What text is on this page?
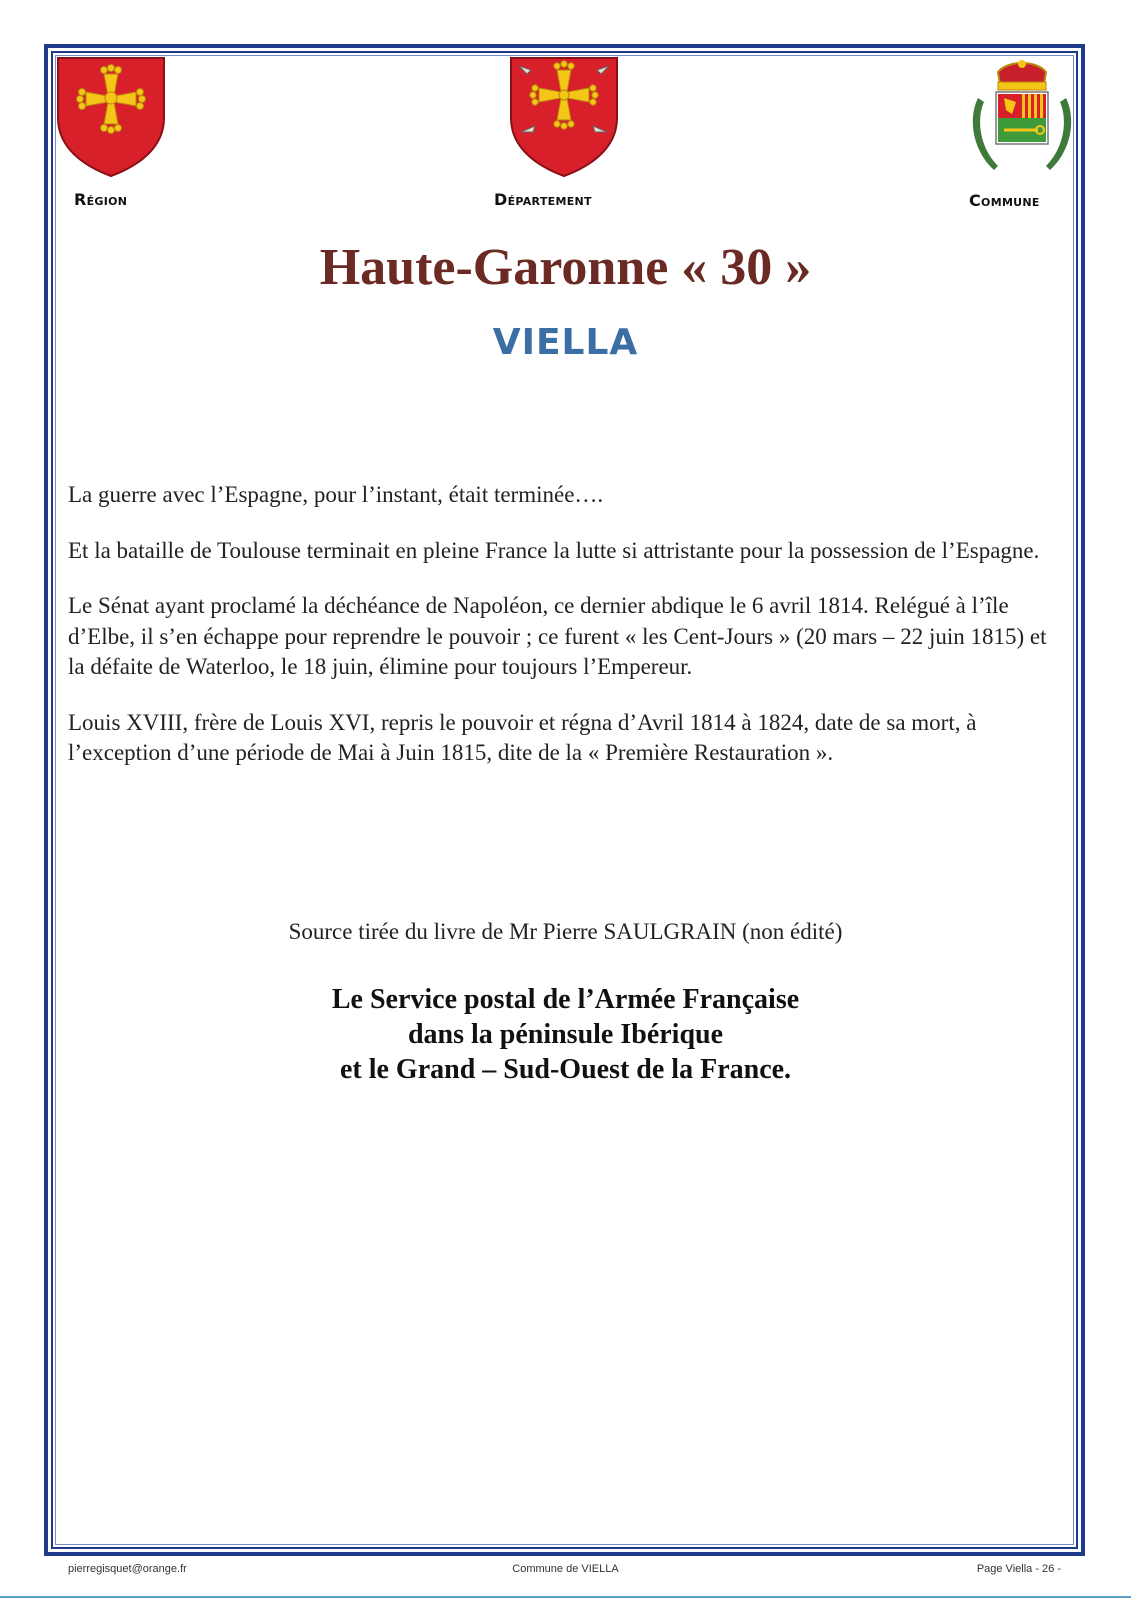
Région	Département	Commune
Haute-Garonne « 30 »
VIELLA

La guerre avec l’Espagne, pour l’instant, était terminée….

Et la bataille de Toulouse terminait en pleine France la lutte si attristante pour la possession de l’Espagne.

Le Sénat ayant proclamé la déchéance de Napoléon, ce dernier abdique le 6 avril 1814. Relégué à l’île d’Elbe, il s’en échappe pour reprendre le pouvoir ; ce furent « les Cent-Jours » (20 mars – 22 juin 1815) et la défaite de Waterloo, le 18 juin, élimine pour toujours l’Empereur.

Louis XVIII, frère de Louis XVI, repris le pouvoir et régna d’Avril 1814 à 1824, date de sa mort, à l’exception d’une période de Mai à Juin 1815, dite de la « Première Restauration ».

Source tirée du livre de Mr Pierre SAULGRAIN (non édité)
Le Service postal de l’Armée Française
dans la péninsule Ibérique
et le Grand – Sud-Ouest de la France.
pierregisquet@orange.fr	Commune de VIELLA	Page Viella - 26 -
